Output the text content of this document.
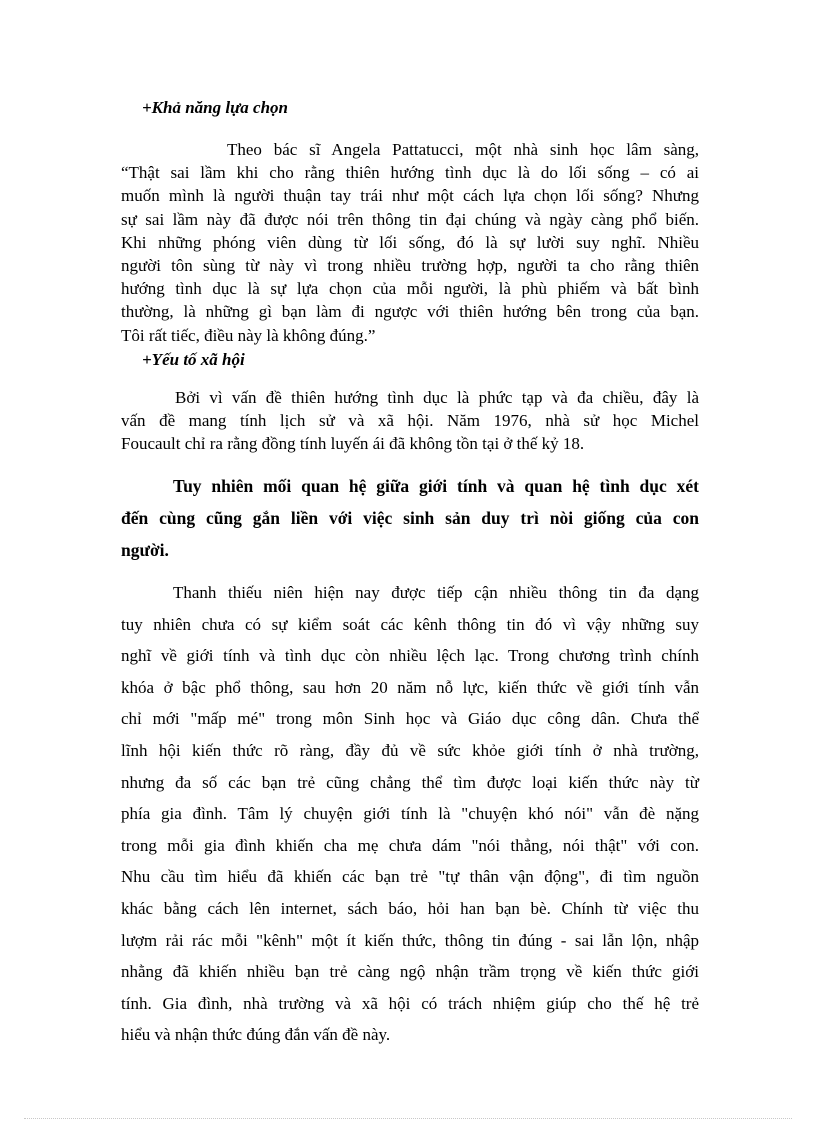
+Khả năng lựa chọn

Theo bác sĩ Angela Pattatucci, một nhà sinh học lâm sàng,
“Thật sai lầm khi cho rằng thiên hướng tình dục là do lối sống – có ai
muốn mình là người thuận tay trái như một cách lựa chọn lối sống? Nhưng
sự sai lầm này đã được nói trên thông tin đại chúng và ngày càng phổ biến.
Khi những phóng viên dùng từ lối sống, đó là sự lười suy nghĩ. Nhiều
người tôn sùng từ này vì trong nhiều trường hợp, người ta cho rằng thiên
hướng tình dục là sự lựa chọn của mỗi người, là phù phiếm và bất bình
thường, là những gì bạn làm đi ngược với thiên hướng bên trong của bạn.
Tôi rất tiếc, điều này là không đúng.”

+Yếu tố xã hội

Bởi vì vấn đề thiên hướng tình dục là phức tạp và đa chiều, đây là
vấn đề mang tính lịch sử và xã hội. Năm 1976, nhà sử học Michel
Foucault chỉ ra rằng đồng tính luyến ái đã không tồn tại ở thế kỷ 18.

Tuy nhiên mối quan hệ giữa giới tính và quan hệ tình dục xét
đến cùng cũng gắn liền với việc sinh sản duy trì nòi giống của con
người.

Thanh thiếu niên hiện nay được tiếp cận nhiều thông tin đa dạng
tuy nhiên chưa có sự kiểm soát các kênh thông tin đó vì vậy những suy
nghĩ về giới tính và tình dục còn nhiều lệch lạc. Trong chương trình chính
khóa ở bậc phổ thông, sau hơn 20 năm nỗ lực, kiến thức về giới tính vẫn
chỉ mới "mấp mé" trong môn Sinh học và Giáo dục công dân. Chưa thể
lĩnh hội kiến thức rõ ràng, đầy đủ về sức khỏe giới tính ở nhà trường,
nhưng đa số các bạn trẻ cũng chẳng thể tìm được loại kiến thức này từ
phía gia đình. Tâm lý chuyện giới tính là "chuyện khó nói" vẫn đè nặng
trong mỗi gia đình khiến cha mẹ chưa dám "nói thẳng, nói thật" với con.
Nhu cầu tìm hiểu đã khiến các bạn trẻ "tự thân vận động", đi tìm nguồn
khác bằng cách lên internet, sách báo, hỏi han bạn bè. Chính từ việc thu
lượm rải rác mỗi "kênh" một ít kiến thức, thông tin đúng - sai lẫn lộn, nhập
nhằng đã khiến nhiều bạn trẻ càng ngộ nhận trầm trọng về kiến thức giới
tính. Gia đình, nhà trường và xã hội có trách nhiệm giúp cho thế hệ trẻ
hiểu và nhận thức đúng đắn vấn đề này.
